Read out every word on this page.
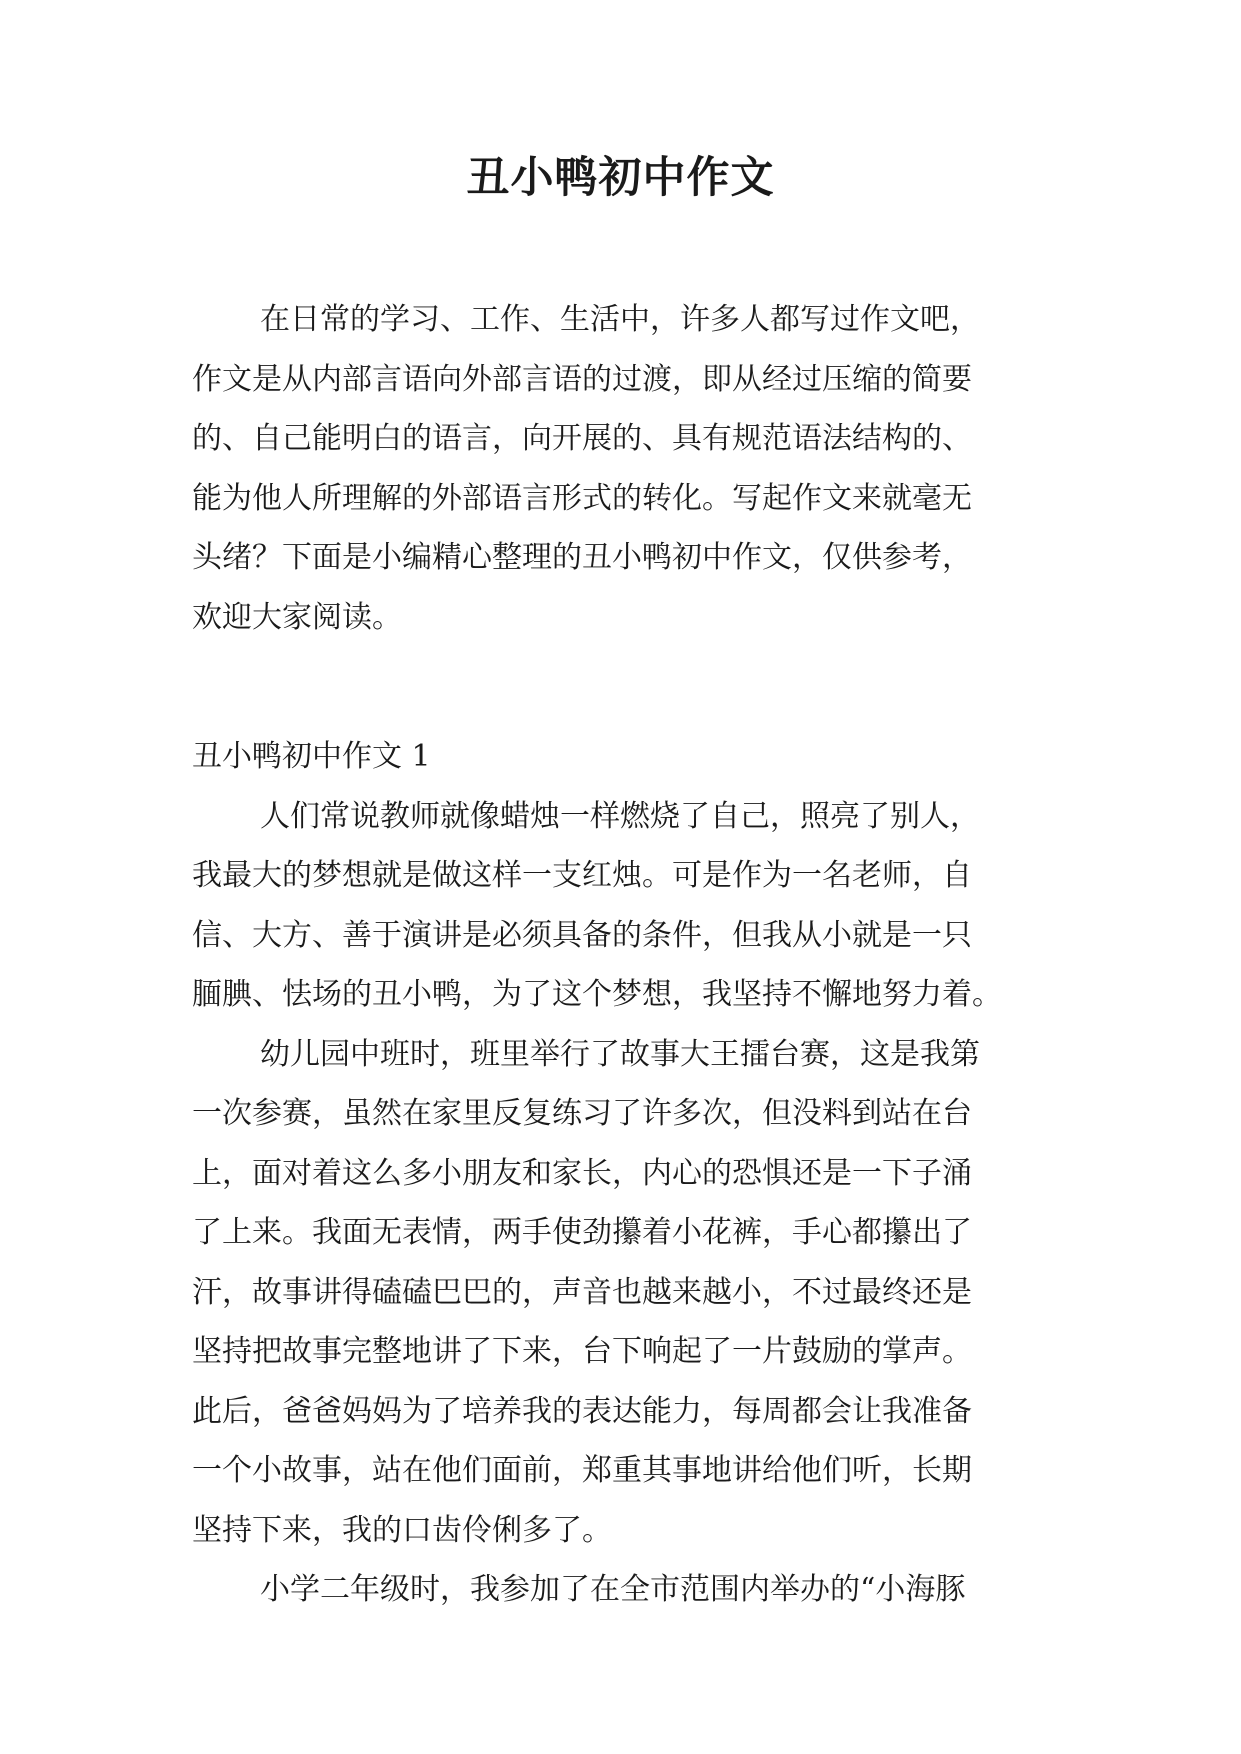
丑小鸭初中作文
在日常的学习、工作、生活中，许多人都写过作文吧，
作文是从内部言语向外部言语的过渡，即从经过压缩的简要
的、自己能明白的语言，向开展的、具有规范语法结构的、
能为他人所理解的外部语言形式的转化。写起作文来就毫无
头绪？下面是小编精心整理的丑小鸭初中作文，仅供参考，
欢迎大家阅读。
丑小鸭初中作文 1
人们常说教师就像蜡烛一样燃烧了自己，照亮了别人，
我最大的梦想就是做这样一支红烛。可是作为一名老师，自
信、大方、善于演讲是必须具备的条件，但我从小就是一只
腼腆、怯场的丑小鸭，为了这个梦想，我坚持不懈地努力着。
幼儿园中班时，班里举行了故事大王擂台赛，这是我第
一次参赛，虽然在家里反复练习了许多次，但没料到站在台
上，面对着这么多小朋友和家长，内心的恐惧还是一下子涌
了上来。我面无表情，两手使劲攥着小花裤，手心都攥出了
汗，故事讲得磕磕巴巴的，声音也越来越小，不过最终还是
坚持把故事完整地讲了下来，台下响起了一片鼓励的掌声。
此后，爸爸妈妈为了培养我的表达能力，每周都会让我准备
一个小故事，站在他们面前，郑重其事地讲给他们听，长期
坚持下来，我的口齿伶俐多了。
小学二年级时，我参加了在全市范围内举办的“小海豚
